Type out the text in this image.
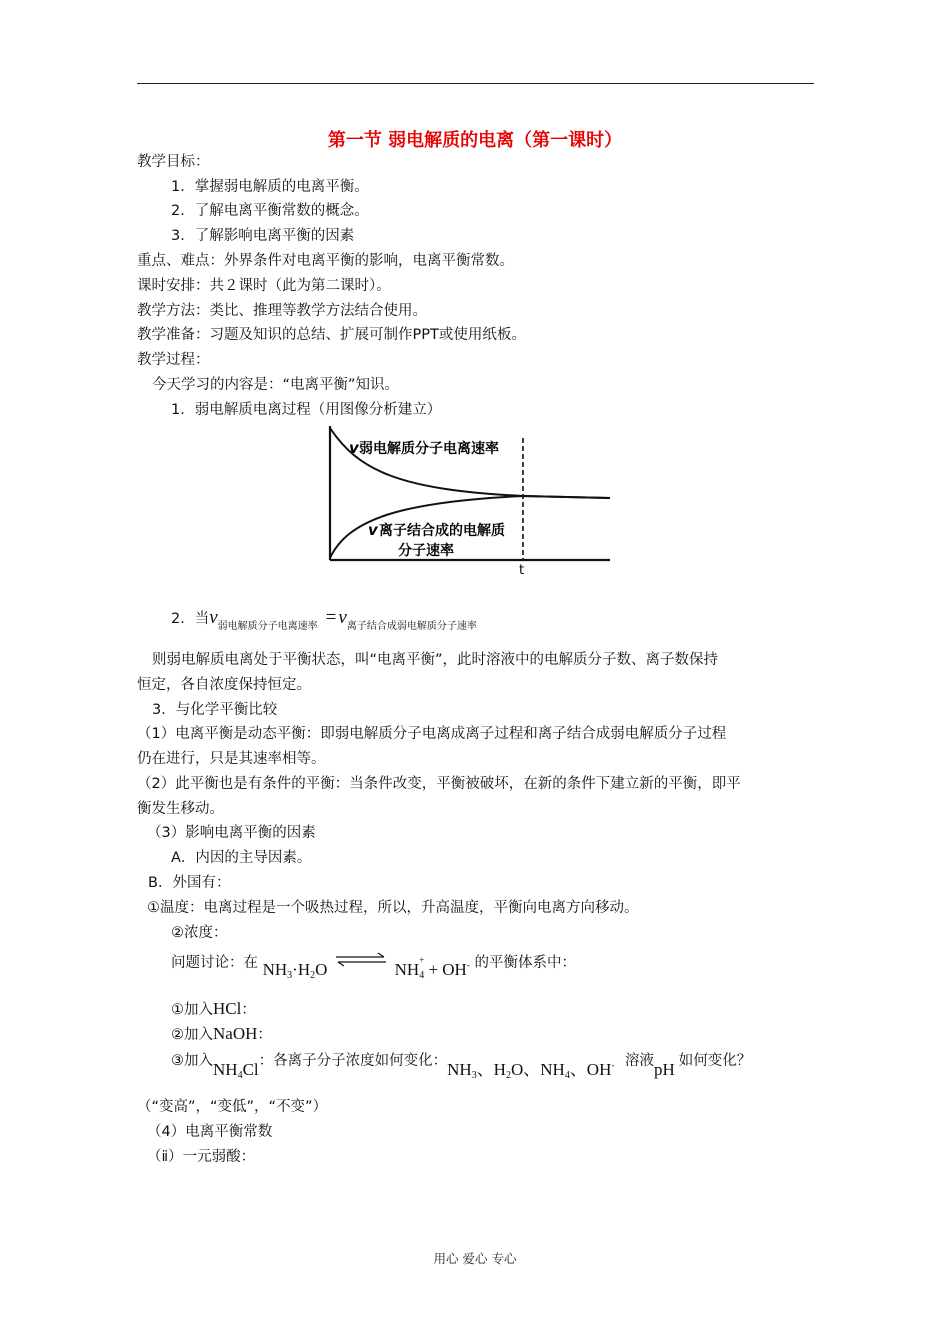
第一节 弱电解质的电离（第一课时）
教学目标：
1．掌握弱电解质的电离平衡。
2．了解电离平衡常数的概念。
3．了解影响电离平衡的因素
重点、难点：外界条件对电离平衡的影响，电离平衡常数。
课时安排：共２课时（此为第二课时）。
教学方法：类比、推理等教学方法结合使用。
教学准备：习题及知识的总结、扩展可制作PPT或使用纸板。
教学过程：
今天学习的内容是：“电离平衡”知识。
1．弱电解质电离过程（用图像分析建立）
v 弱电解质分子电离速率
v 离子结合成的电解质
分子速率
t
2．当$v_{弱电解质分子电离速率} = v_{离子结合成弱电解质分子速率}$
则弱电解质电离处于平衡状态，叫“电离平衡”，此时溶液中的电解质分子数、离子数保持
恒定，各自浓度保持恒定。
3．与化学平衡比较
（1）电离平衡是动态平衡：即弱电解质分子电离成离子过程和离子结合成弱电解质分子过程
仍在进行，只是其速率相等。
（2）此平衡也是有条件的平衡：当条件改变，平衡被破坏，在新的条件下建立新的平衡，即平
衡发生移动。
（3）影响电离平衡的因素
A．内因的主导因素。
B．外国有：
①温度：电离过程是一个吸热过程，所以，升高温度，平衡向电离方向移动。
②浓度：
问题讨论：在 $NH_3\cdot H_2O$ ⇌ NH +
$_4$ + OH- 的平衡体系中：
①加入HCl：
②加入NaOH：
③加入$NH_4Cl$：各离子分子浓度如何变化：$NH_3$、$H_2O$、$NH_4$、OH- 溶液pH 如何变化？
（“变高”，“变低”，“不变”）
（4）电离平衡常数
（ⅱ）一元弱酸：
用心 爱心 专心
